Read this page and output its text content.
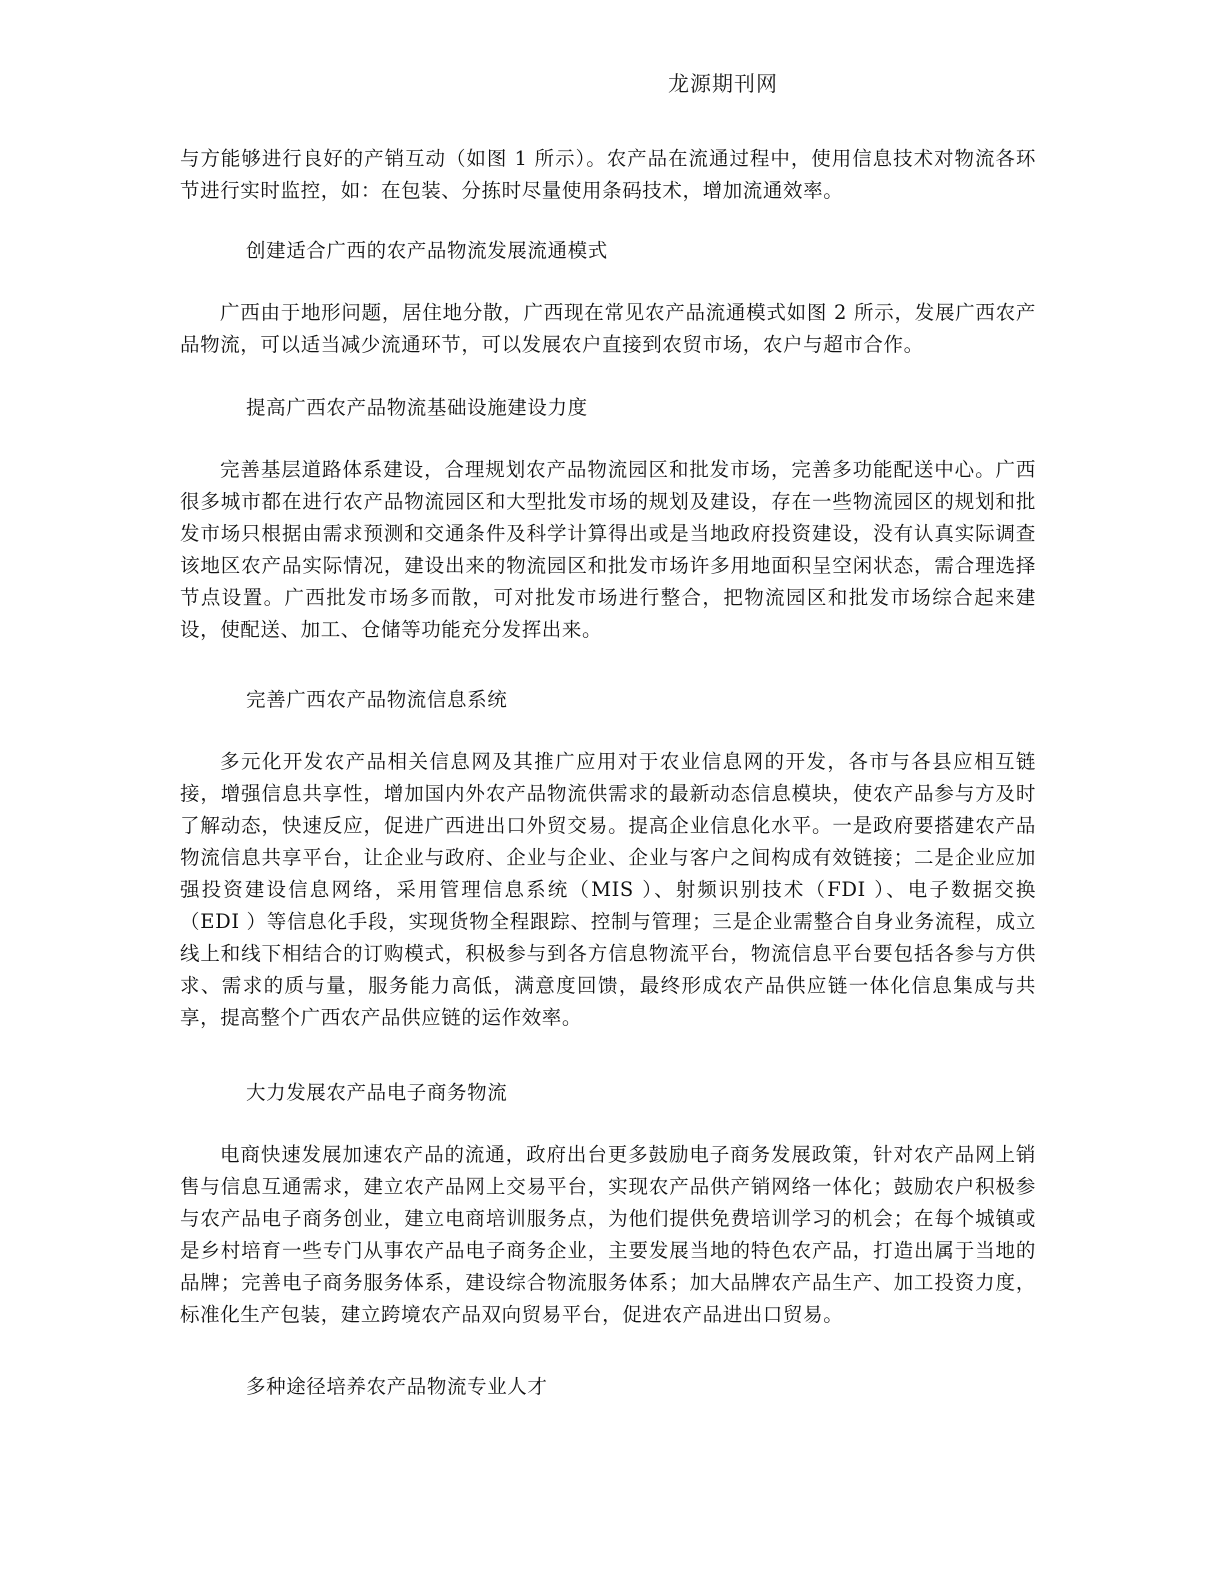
龙源期刊网
与方能够进行良好的产销互动（如图 1 所示）。农产品在流通过程中，使用信息技术对物流各环节进行实时监控，如：在包装、分拣时尽量使用条码技术，增加流通效率。
创建适合广西的农产品物流发展流通模式
广西由于地形问题，居住地分散，广西现在常见农产品流通模式如图 2 所示，发展广西农产品物流，可以适当减少流通环节，可以发展农户直接到农贸市场，农户与超市合作。
提高广西农产品物流基础设施建设力度
完善基层道路体系建设，合理规划农产品物流园区和批发市场，完善多功能配送中心。广西很多城市都在进行农产品物流园区和大型批发市场的规划及建设，存在一些物流园区的规划和批发市场只根据由需求预测和交通条件及科学计算得出或是当地政府投资建设，没有认真实际调查该地区农产品实际情况，建设出来的物流园区和批发市场许多用地面积呈空闲状态，需合理选择节点设置。广西批发市场多而散，可对批发市场进行整合，把物流园区和批发市场综合起来建设，使配送、加工、仓储等功能充分发挥出来。
完善广西农产品物流信息系统
多元化开发农产品相关信息网及其推广应用对于农业信息网的开发，各市与各县应相互链接，增强信息共享性，增加国内外农产品物流供需求的最新动态信息模块，使农产品参与方及时了解动态，快速反应，促进广西进出口外贸交易。提高企业信息化水平。一是政府要搭建农产品物流信息共享平台，让企业与政府、企业与企业、企业与客户之间构成有效链接；二是企业应加强投资建设信息网络，采用管理信息系统（MIS ）、射频识别技术（FDI ）、电子数据交换（EDI ）等信息化手段，实现货物全程跟踪、控制与管理；三是企业需整合自身业务流程，成立线上和线下相结合的订购模式，积极参与到各方信息物流平台，物流信息平台要包括各参与方供求、需求的质与量，服务能力高低，满意度回馈，最终形成农产品供应链一体化信息集成与共享，提高整个广西农产品供应链的运作效率。
大力发展农产品电子商务物流
电商快速发展加速农产品的流通，政府出台更多鼓励电子商务发展政策，针对农产品网上销售与信息互通需求，建立农产品网上交易平台，实现农产品供产销网络一体化；鼓励农户积极参与农产品电子商务创业，建立电商培训服务点，为他们提供免费培训学习的机会；在每个城镇或是乡村培育一些专门从事农产品电子商务企业，主要发展当地的特色农产品，打造出属于当地的品牌；完善电子商务服务体系，建设综合物流服务体系；加大品牌农产品生产、加工投资力度，标准化生产包装，建立跨境农产品双向贸易平台，促进农产品进出口贸易。
多种途径培养农产品物流专业人才
